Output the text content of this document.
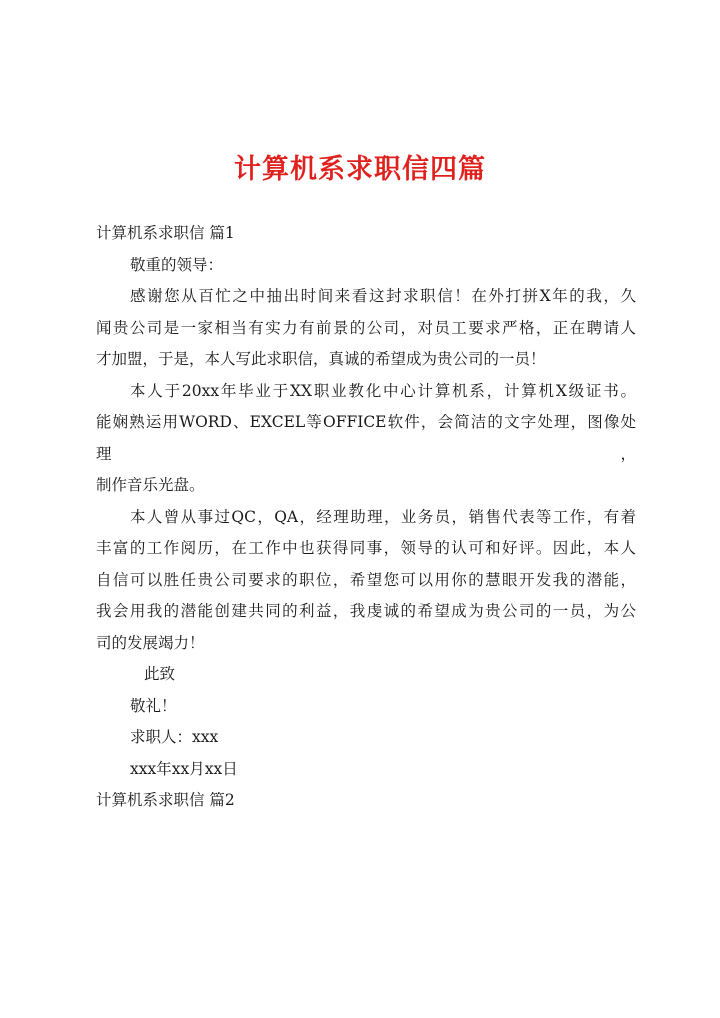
计算机系求职信四篇
计算机系求职信 篇1
敬重的领导：
感谢您从百忙之中抽出时间来看这封求职信！在外打拼X年的我，久
闻贵公司是一家相当有实力有前景的公司，对员工要求严格，正在聘请人
才加盟，于是，本人写此求职信，真诚的希望成为贵公司的一员！
本人于20xx年毕业于XX职业教化中心计算机系，计算机X级证书。
能娴熟运用WORD、EXCEL等OFFICE软件，会简洁的文字处理，图像处理，
制作音乐光盘。
本人曾从事过QC，QA，经理助理，业务员，销售代表等工作，有着
丰富的工作阅历，在工作中也获得同事，领导的认可和好评。因此，本人
自信可以胜任贵公司要求的职位，希望您可以用你的慧眼开发我的潜能，
我会用我的潜能创建共同的利益，我虔诚的希望成为贵公司的一员，为公
司的发展竭力！
此致
敬礼！
求职人：xxx
xxx年xx月xx日
计算机系求职信 篇2
